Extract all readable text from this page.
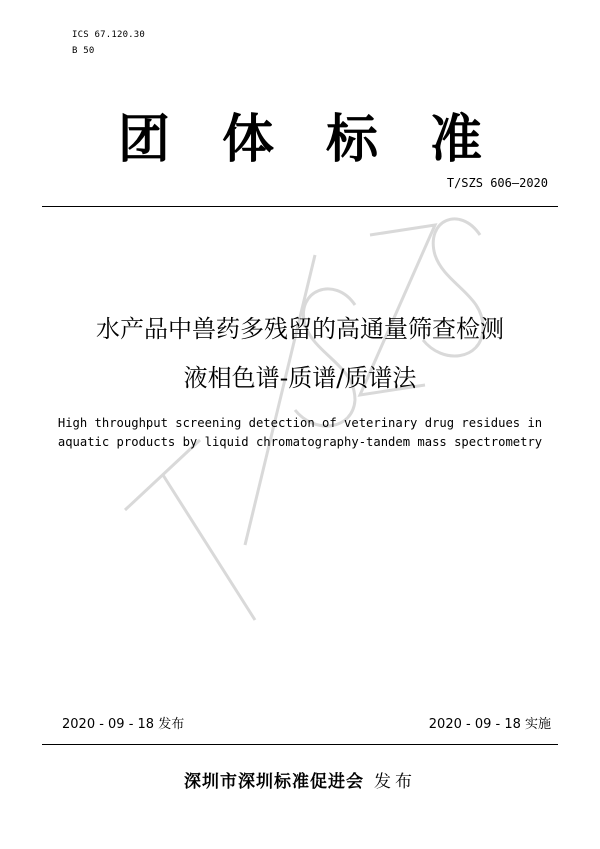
ICS 67.120.30
B 50
团体标准
T/SZS 606—2020
水产品中兽药多残留的高通量筛查检测
液相色谱-质谱/质谱法
High throughput screening detection of veterinary drug residues in
aquatic products by liquid chromatography-tandem mass spectrometry
2020 - 09 - 18 发布	2020 - 09 - 18 实施
深圳市深圳标准促进会 发布
